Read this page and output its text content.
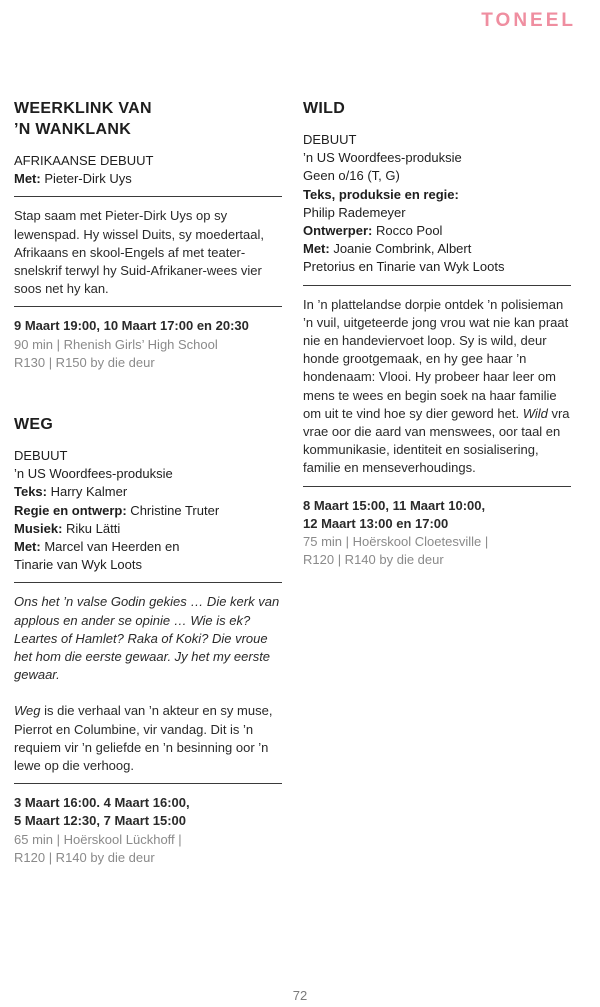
TONEEL
WEERKLINK VAN
’N WANKLANK
AFRIKAANSE DEBUUT
Met: Pieter-Dirk Uys

Stap saam met Pieter-Dirk Uys op sy lewenspad. Hy wissel Duits, sy moedertaal, Afrikaans en skool-Engels af met teater-snelskrif terwyl hy Suid-Afrikaner-wees vier soos net hy kan.

9 Maart 19:00, 10 Maart 17:00 en 20:30
90 min | Rhenish Girls’ High School
R130 | R150 by die deur
WEG
DEBUUT
’n US Woordfees-produksie
Teks: Harry Kalmer
Regie en ontwerp: Christine Truter
Musiek: Riku Lätti
Met: Marcel van Heerden en
Tinarie van Wyk Loots

Ons het ’n valse Godin gekies … Die kerk van applous en ander se opinie … Wie is ek? Leartes of Hamlet? Raka of Koki? Die vroue het hom die eerste gewaar. Jy het my eerste gewaar.

Weg is die verhaal van ’n akteur en sy muse, Pierrot en Columbine, vir vandag. Dit is ’n requiem vir ’n geliefde en ’n besinning oor ’n lewe op die verhoog.

3 Maart 16:00. 4 Maart 16:00,
5 Maart 12:30, 7 Maart 15:00
65 min | Hoërskool Lückhoff |
R120 | R140 by die deur
WILD
DEBUUT
’n US Woordfees-produksie
Geen o/16 (T, G)
Teks, produksie en regie:
Philip Rademeyer
Ontwerper: Rocco Pool
Met: Joanie Combrink, Albert
Pretorius en Tinarie van Wyk Loots

In ’n plattelandse dorpie ontdek ’n polisieman ’n vuil, uitgeteerde jong vrou wat nie kan praat nie en handeviervoet loop. Sy is wild, deur honde grootgemaak, en hy gee haar ’n hondenaam: Vlooi. Hy probeer haar leer om mens te wees en begin soek na haar familie om uit te vind hoe sy dier geword het. Wild vra vrae oor die aard van menswees, oor taal en kommunikasie, identiteit en sosialisering, familie en menseverhoudings.

8 Maart 15:00, 11 Maart 10:00,
12 Maart 13:00 en 17:00
75 min | Hoërskool Cloetesville |
R120 | R140 by die deur
72
